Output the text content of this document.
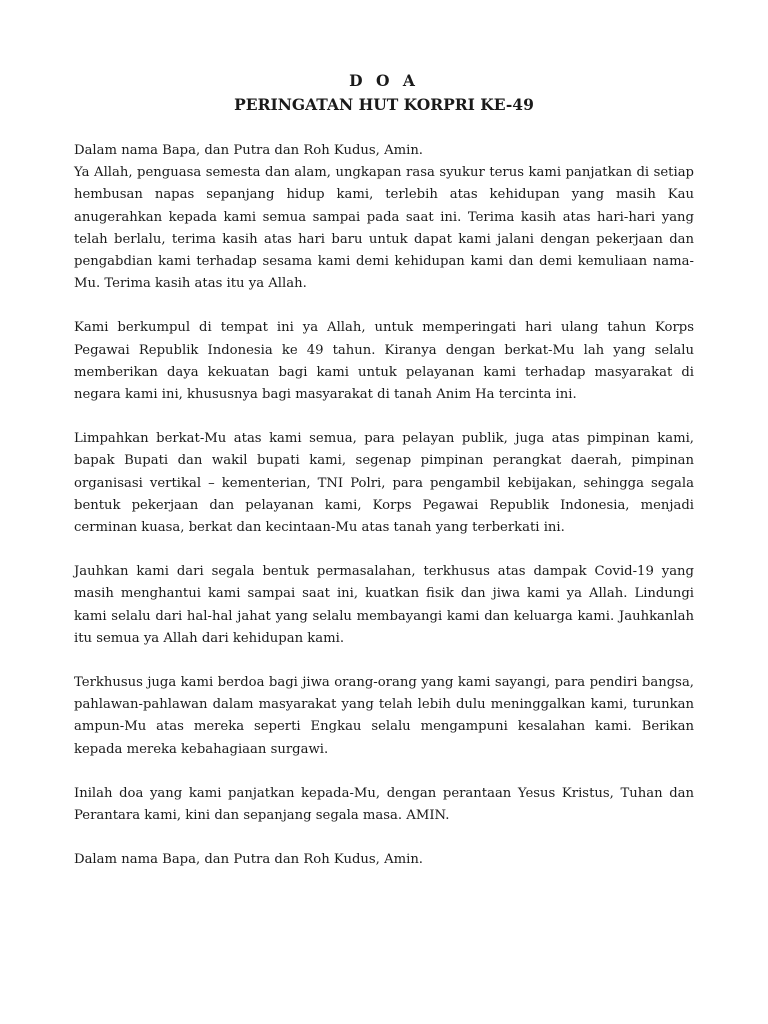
D O A
PERINGATAN HUT KORPRI KE-49

Dalam nama Bapa, dan Putra dan Roh Kudus, Amin.

Ya Allah, penguasa semesta dan alam, ungkapan rasa syukur terus kami panjatkan di setiap hembusan napas sepanjang hidup kami, terlebih atas kehidupan yang masih Kau anugerahkan kepada kami semua sampai pada saat ini. Terima kasih atas hari-hari yang telah berlalu, terima kasih atas hari baru untuk dapat kami jalani dengan pekerjaan dan pengabdian kami terhadap sesama kami demi kehidupan kami dan demi kemuliaan nama-Mu. Terima kasih atas itu ya Allah.

Kami berkumpul di tempat ini ya Allah, untuk memperingati hari ulang tahun Korps Pegawai Republik Indonesia ke 49 tahun. Kiranya dengan berkat-Mu lah yang selalu memberikan daya kekuatan bagi kami untuk pelayanan kami terhadap masyarakat di negara kami ini, khususnya bagi masyarakat di tanah Anim Ha tercinta ini.

Limpahkan berkat-Mu atas kami semua, para pelayan publik, juga atas pimpinan kami, bapak Bupati dan wakil bupati kami, segenap pimpinan perangkat daerah, pimpinan organisasi vertikal – kementerian, TNI Polri, para pengambil kebijakan, sehingga segala bentuk pekerjaan dan pelayanan kami, Korps Pegawai Republik Indonesia, menjadi cerminan kuasa, berkat dan kecintaan-Mu atas tanah yang terberkati ini.

Jauhkan kami dari segala bentuk permasalahan, terkhusus atas dampak Covid-19 yang masih menghantui kami sampai saat ini, kuatkan fisik dan jiwa kami ya Allah. Lindungi kami selalu dari hal-hal jahat yang selalu membayangi kami dan keluarga kami. Jauhkanlah itu semua ya Allah dari kehidupan kami.

Terkhusus juga kami berdoa bagi jiwa orang-orang yang kami sayangi, para pendiri bangsa, pahlawan-pahlawan dalam masyarakat yang telah lebih dulu meninggalkan kami, turunkan ampun-Mu atas mereka seperti Engkau selalu mengampuni kesalahan kami. Berikan kepada mereka kebahagiaan surgawi.

Inilah doa yang kami panjatkan kepada-Mu, dengan perantaan Yesus Kristus, Tuhan dan Perantara kami, kini dan sepanjang segala masa. AMIN.

Dalam nama Bapa, dan Putra dan Roh Kudus, Amin.
